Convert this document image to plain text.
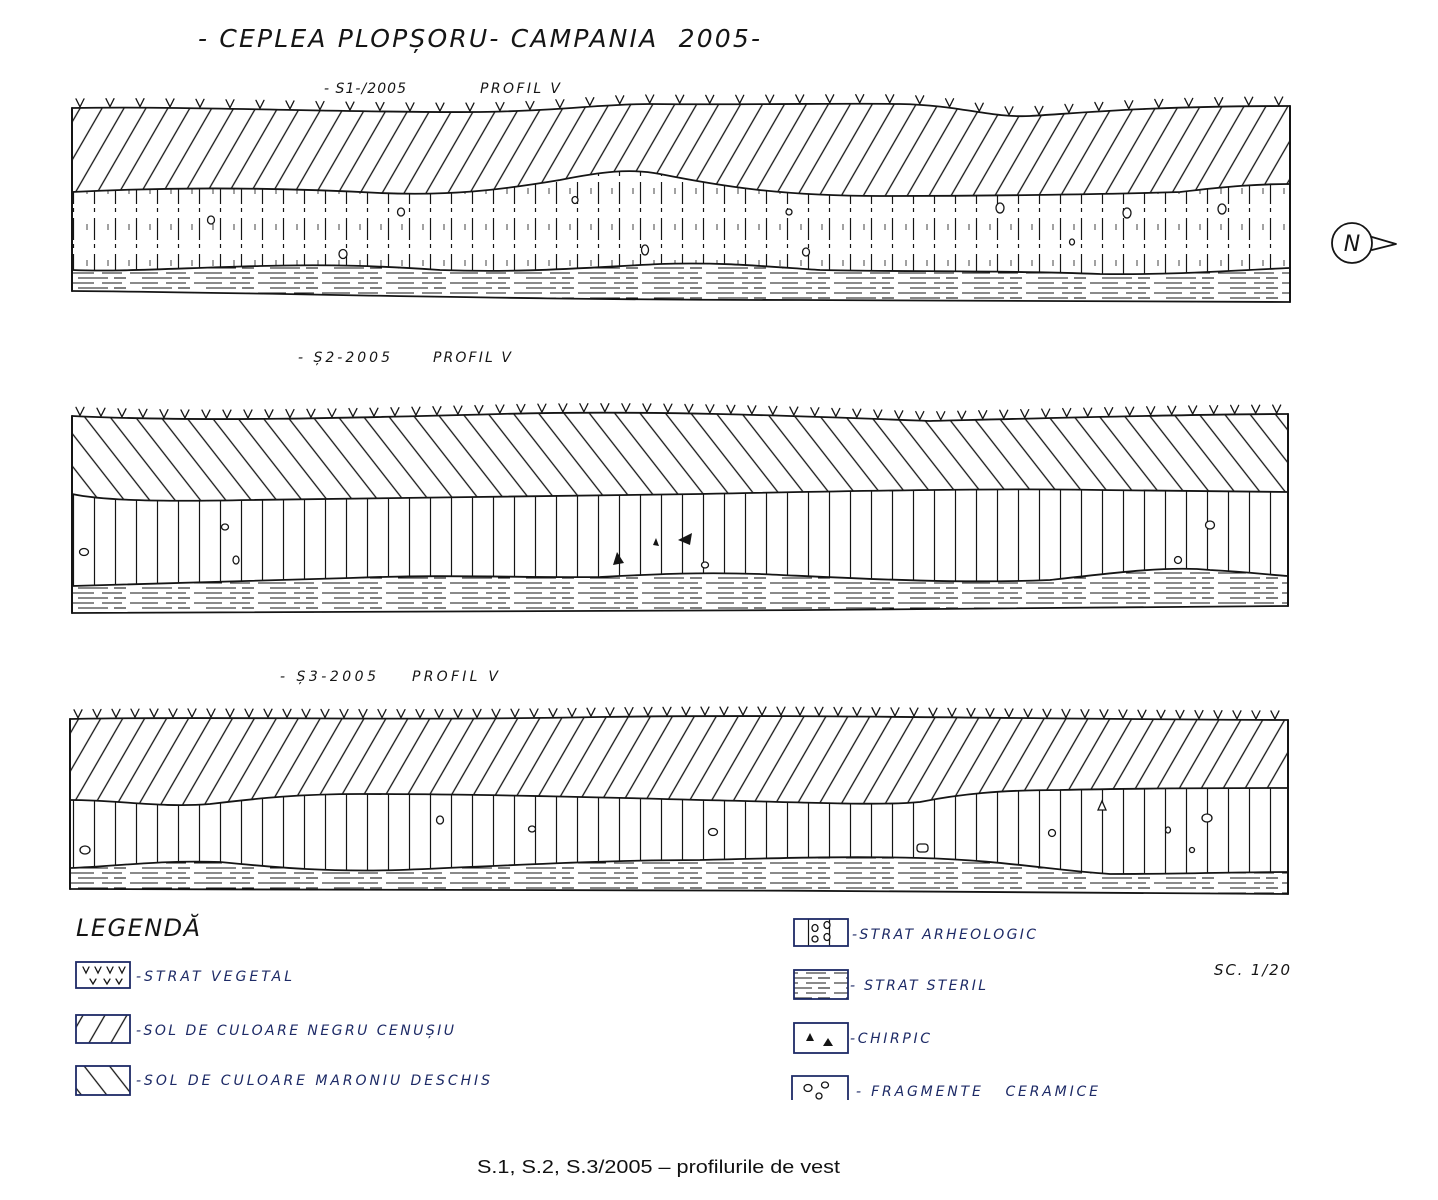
- CEPLEA PLOPȘORU- CAMPANIA  2005-
- S1-/2005	PROFIL V
N
- Ș2-2005	PROFIL V
- Ș3-2005	PROFIL V
LEGENDĂ
-STRAT VEGETAL
-SOL DE CULOARE NEGRU CENUȘIU
-SOL DE CULOARE MARONIU DESCHIS
-STRAT ARHEOLOGIC
- STRAT STERIL
-CHIRPIC
- FRAGMENTE   CERAMICE
SC. 1/20
S.1, S.2, S.3/2005 – profilurile de vest
